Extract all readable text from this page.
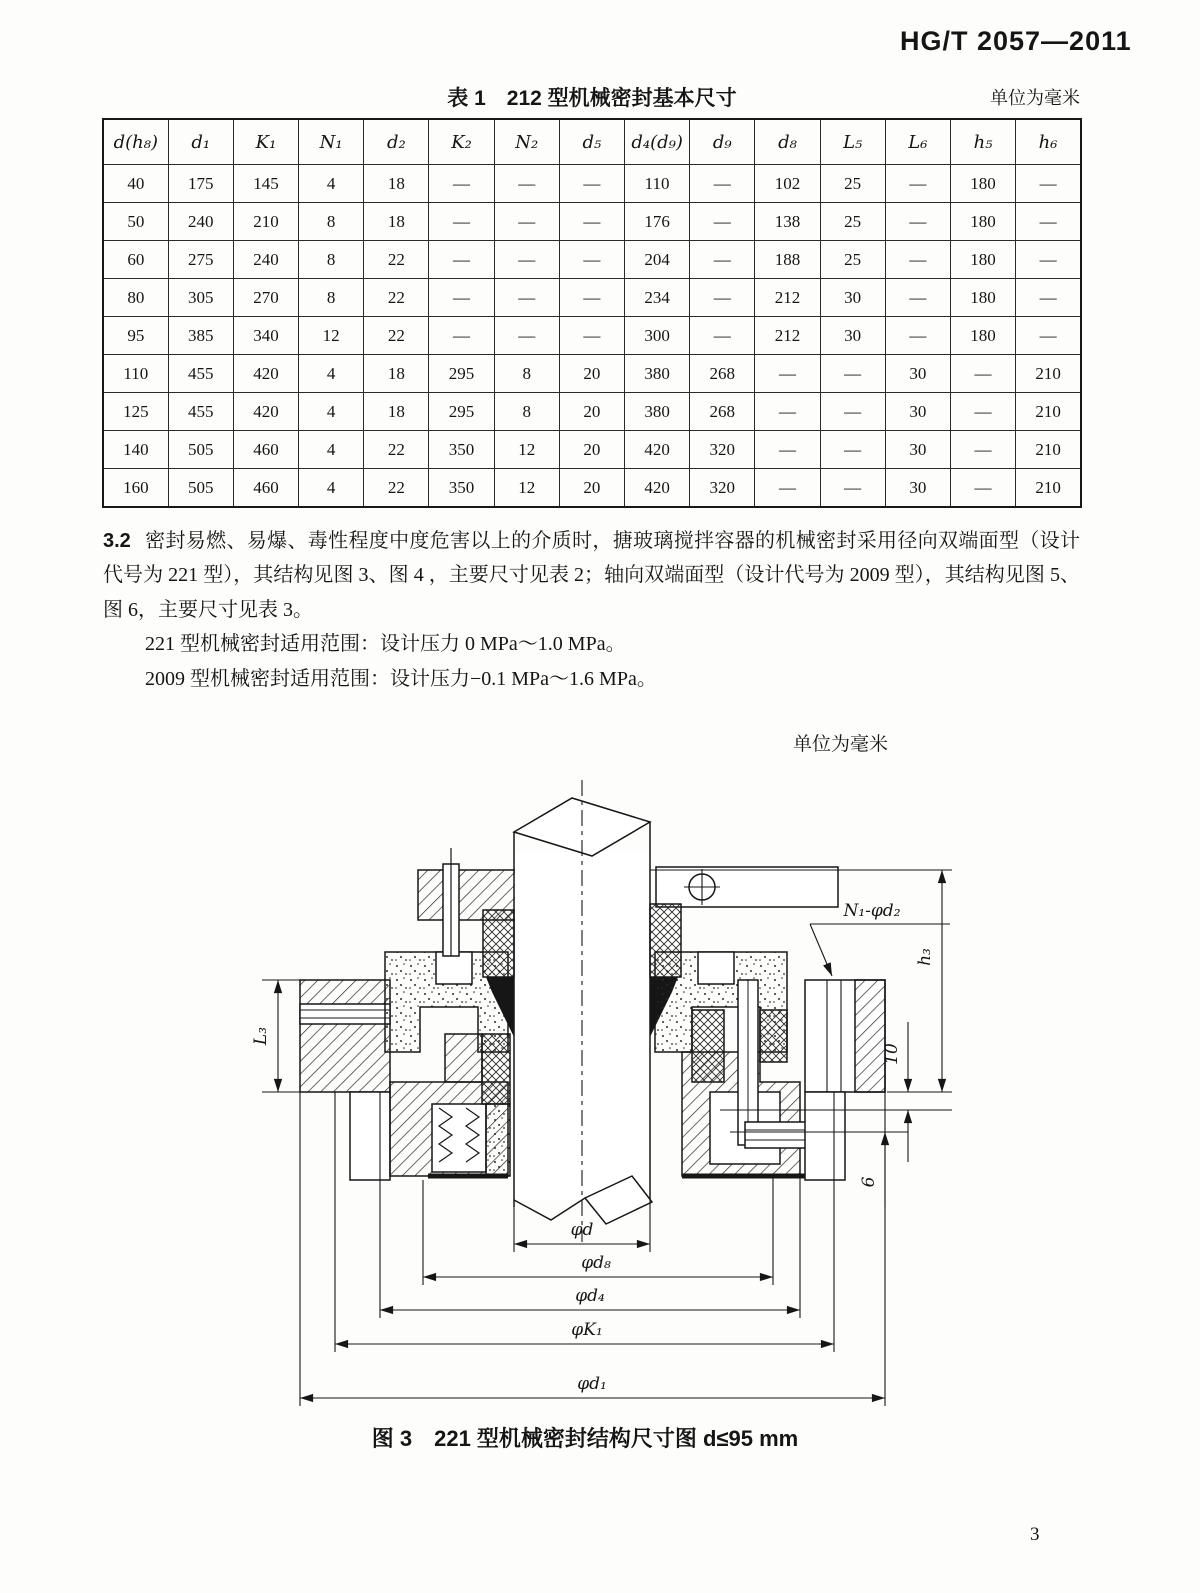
HG/T 2057—2011
表 1　212 型机械密封基本尺寸	单位为毫米
d(h₈)	d₁	K₁	N₁	d₂	K₂	N₂	d₅	d₄(d₉)	d₉	d₈	L₅	L₆	h₅	h₆
40	175	145	4	18	—	—	—	110	—	102	25	—	180	—
50	240	210	8	18	—	—	—	176	—	138	25	—	180	—
60	275	240	8	22	—	—	—	204	—	188	25	—	180	—
80	305	270	8	22	—	—	—	234	—	212	30	—	180	—
95	385	340	12	22	—	—	—	300	—	212	30	—	180	—
110	455	420	4	18	295	8	20	380	268	—	—	30	—	210
125	455	420	4	18	295	8	20	380	268	—	—	30	—	210
140	505	460	4	22	350	12	20	420	320	—	—	30	—	210
160	505	460	4	22	350	12	20	420	320	—	—	30	—	210

3.2 密封易燃、易爆、毒性程度中度危害以上的介质时，搪玻璃搅拌容器的机械密封采用径向双端面型（设计代号为 221 型），其结构见图 3、图 4 ，主要尺寸见表 2；轴向双端面型（设计代号为 2009 型），其结构见图 5、图 6，主要尺寸见表 3。

221 型机械密封适用范围：设计压力 0 MPa～1.0 MPa。

2009 型机械密封适用范围：设计压力−0.1 MPa～1.6 MPa。

单位为毫米
L₃
h₃
10
6
N₁-φd₂
φd
φd₈
φd₄
φK₁
φd₁
图 3　221 型机械密封结构尺寸图 d≤95 mm
3
